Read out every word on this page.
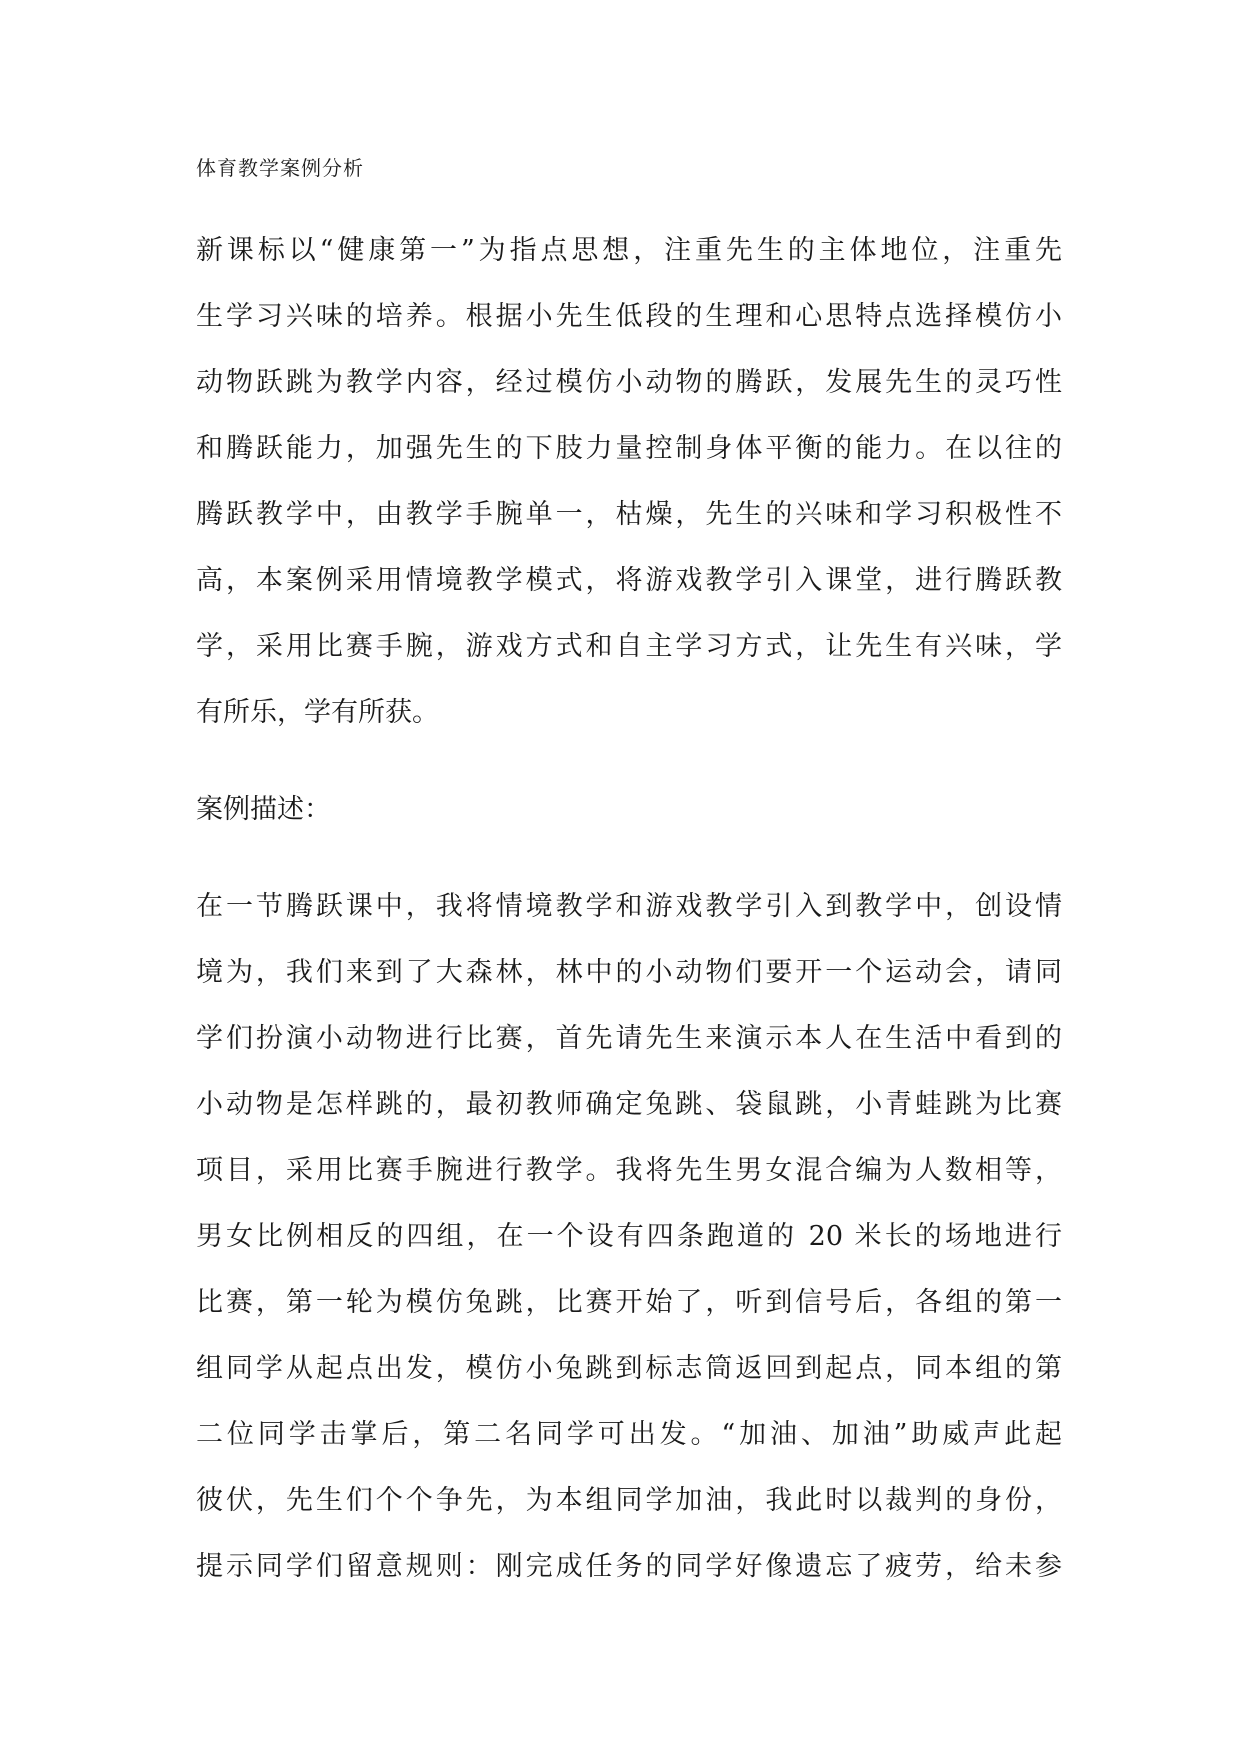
体育教学案例分析
新课标以“健康第一”为指点思想，注重先生的主体地位，注重先
生学习兴味的培养。根据小先生低段的生理和心思特点选择模仿小
动物跃跳为教学内容，经过模仿小动物的腾跃，发展先生的灵巧性
和腾跃能力，加强先生的下肢力量控制身体平衡的能力。在以往的
腾跃教学中，由教学手腕单一，枯燥，先生的兴味和学习积极性不
高，本案例采用情境教学模式，将游戏教学引入课堂，进行腾跃教
学，采用比赛手腕，游戏方式和自主学习方式，让先生有兴味，学
有所乐，学有所获。
案例描述：
在一节腾跃课中，我将情境教学和游戏教学引入到教学中，创设情
境为，我们来到了大森林，林中的小动物们要开一个运动会，请同
学们扮演小动物进行比赛，首先请先生来演示本人在生活中看到的
小动物是怎样跳的，最初教师确定兔跳、袋鼠跳，小青蛙跳为比赛
项目，采用比赛手腕进行教学。我将先生男女混合编为人数相等，
男女比例相反的四组，在一个设有四条跑道的 20 米长的场地进行
比赛，第一轮为模仿兔跳，比赛开始了，听到信号后，各组的第一
组同学从起点出发，模仿小兔跳到标志筒返回到起点，同本组的第
二位同学击掌后，第二名同学可出发。“加油、加油”助威声此起
彼伏，先生们个个争先，为本组同学加油，我此时以裁判的身份，
提示同学们留意规则：刚完成任务的同学好像遗忘了疲劳，给未参
